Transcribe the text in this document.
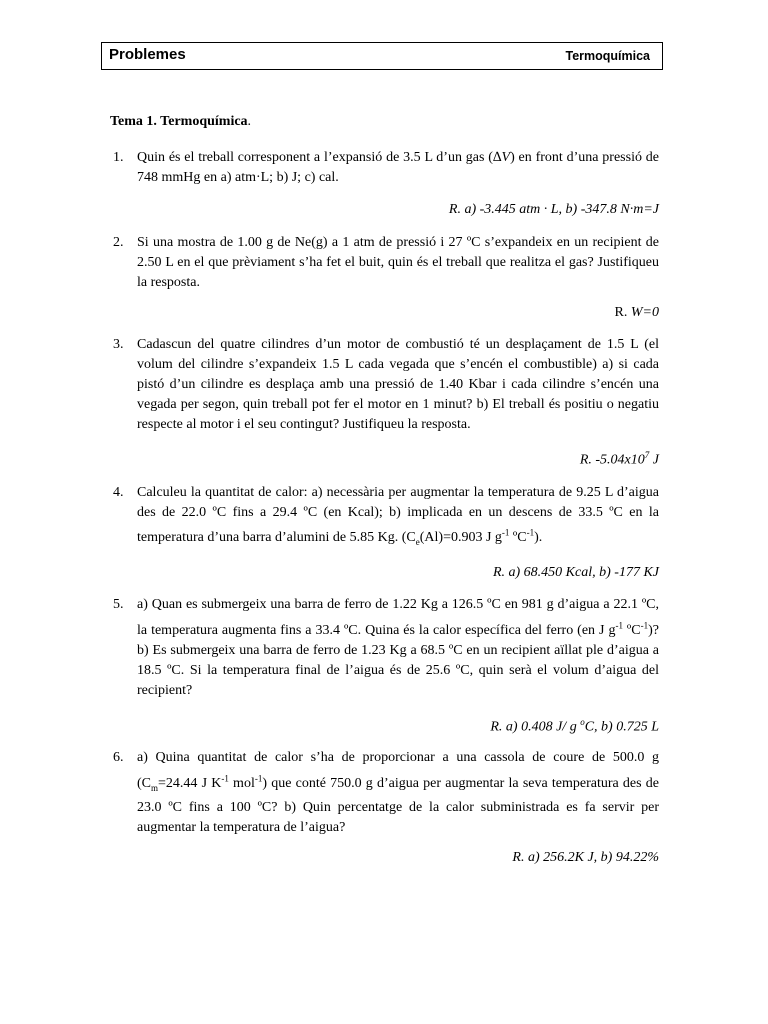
Problemes	Termoquímica

Tema 1. Termoquímica.

1. Quin és el treball corresponent a l’expansió de 3.5 L d’un gas (∆V) en front d’una pressió de 748 mmHg en a) atm·L; b) J; c) cal.
R. a) -3.445 atm · L, b) -347.8 N·m=J
2. Si una mostra de 1.00 g de Ne(g) a 1 atm de pressió i 27 ºC s’expandeix en un recipient de 2.50 L en el que prèviament s’ha fet el buit, quin és el treball que realitza el gas? Justifiqueu la resposta.
R. W=0
3. Cadascun del quatre cilindres d’un motor de combustió té un desplaçament de 1.5 L (el volum del cilindre s’expandeix 1.5 L cada vegada que s’encén el combustible) a) si cada pistó d’un cilindre es desplaça amb una pressió de 1.40 Kbar i cada cilindre s’encén una vegada per segon, quin treball pot fer el motor en 1 minut? b) El treball és positiu o negatiu respecte al motor i el seu contingut? Justifiqueu la resposta.
R. $-5.04x10^7$ J
4. Calculeu la quantitat de calor: a) necessària per augmentar la temperatura de 9.25 L d’aigua des de 22.0 ºC fins a 29.4 ºC (en Kcal); b) implicada en un descens de 33.5 ºC en la temperatura d’una barra d’alumini de 5.85 Kg. ($C_e(Al)=0.903$ J $g^{-1}$ ºC$^{-1}$).
R. a) 68.450 Kcal, b) -177 KJ
5. a) Quan es submergeix una barra de ferro de 1.22 Kg a 126.5 ºC en 981 g d’aigua a 22.1 ºC, la temperatura augmenta fins a 33.4 ºC. Quina és la calor específica del ferro (en J $g^{-1}$ ºC$^{-1}$)? b) Es submergeix una barra de ferro de 1.23 Kg a 68.5 ºC en un recipient aïllat ple d’aigua a 18.5 ºC. Si la temperatura final de l’aigua és de 25.6 ºC, quin serà el volum d’aigua del recipient?
R. a) 0.408 J/ g $^o$C, b) 0.725 L
6. a) Quina quantitat de calor s’ha de proporcionar a una cassola de coure de 500.0 g ($C_m=24.44$ J $K^{-1}$ mol$^{-1}$) que conté 750.0 g d’aigua per augmentar la seva temperatura des de 23.0 ºC fins a 100 ºC? b) Quin percentatge de la calor subministrada es fa servir per augmentar la temperatura de l’aigua?
R. a) 256.2K J, b) 94.22%
